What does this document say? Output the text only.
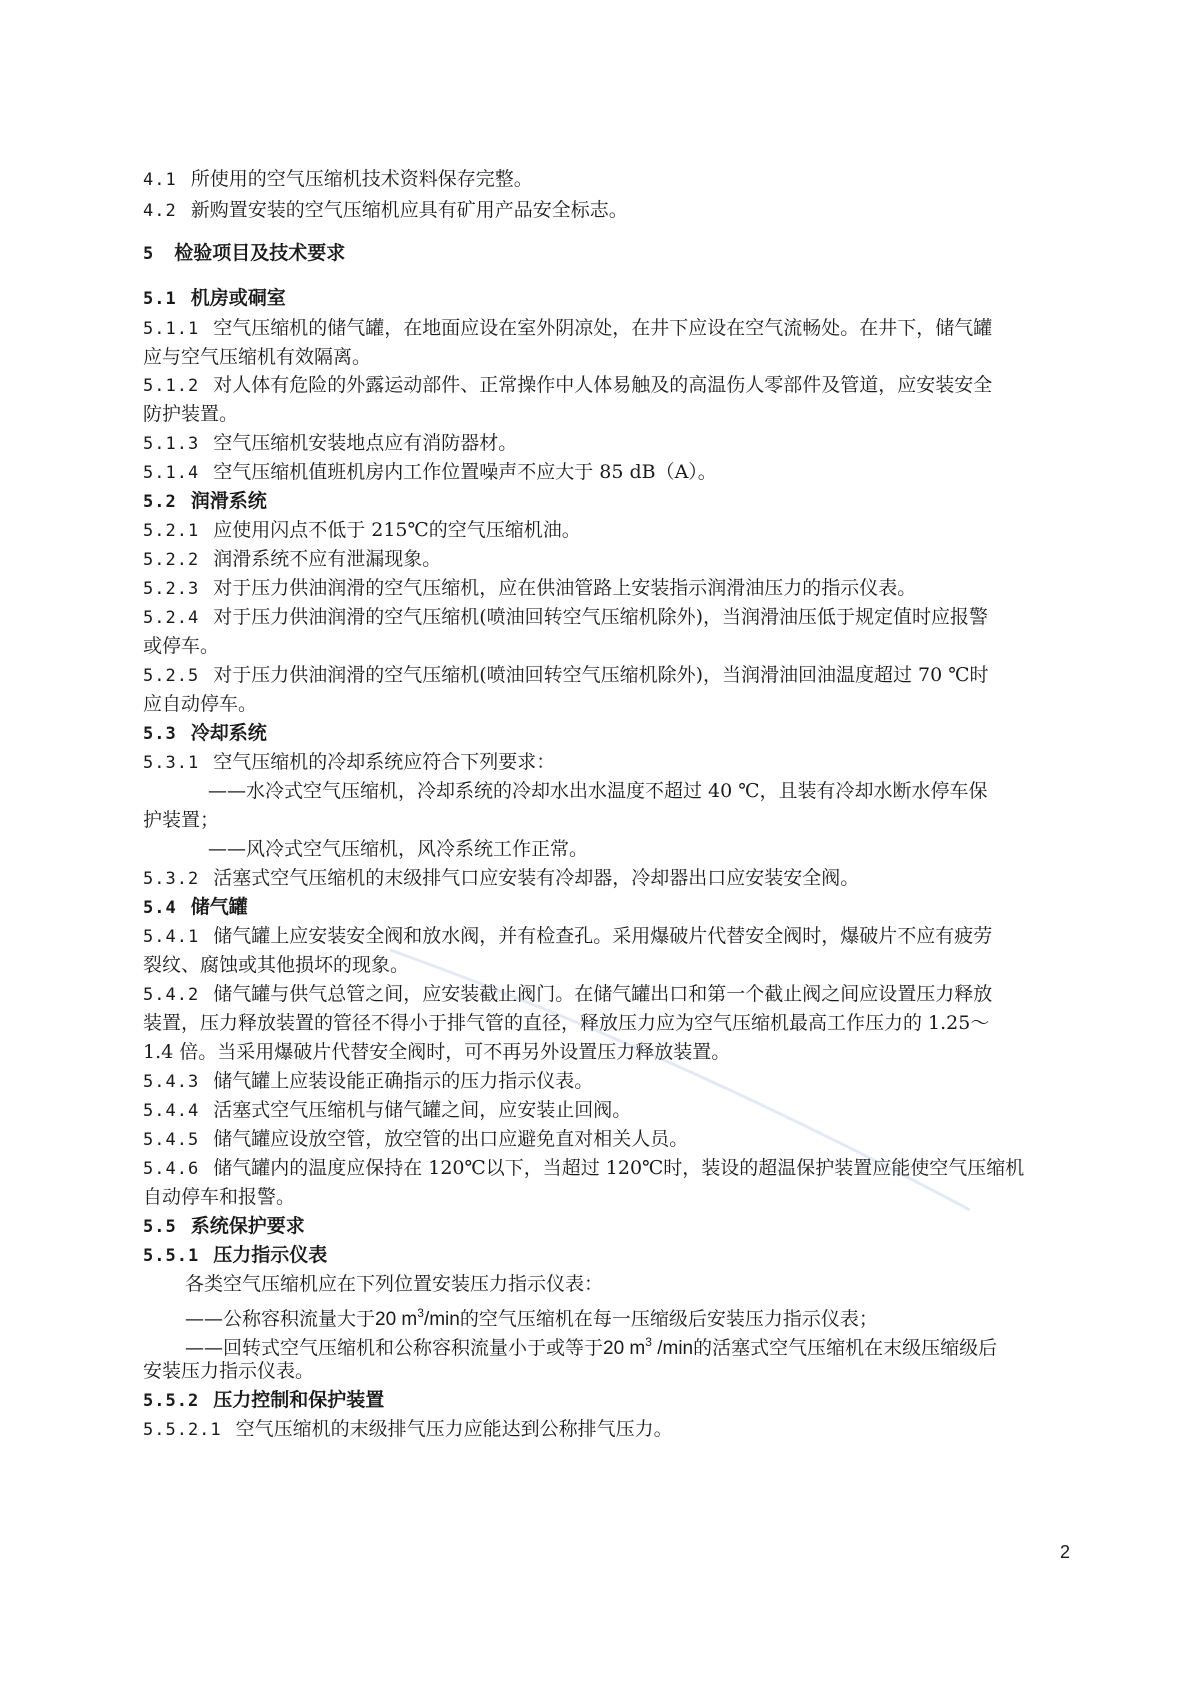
4.1 所使用的空气压缩机技术资料保存完整。
4.2 新购置安装的空气压缩机应具有矿用产品安全标志。
5 检验项目及技术要求
5.1 机房或硐室
5.1.1 空气压缩机的储气罐，在地面应设在室外阴凉处，在井下应设在空气流畅处。在井下，储气罐
应与空气压缩机有效隔离。
5.1.2 对人体有危险的外露运动部件、正常操作中人体易触及的高温伤人零部件及管道，应安装安全
防护装置。
5.1.3 空气压缩机安装地点应有消防器材。
5.1.4 空气压缩机值班机房内工作位置噪声不应大于 85 dB（A）。
5.2 润滑系统
5.2.1 应使用闪点不低于 215℃的空气压缩机油。
5.2.2 润滑系统不应有泄漏现象。
5.2.3 对于压力供油润滑的空气压缩机，应在供油管路上安装指示润滑油压力的指示仪表。
5.2.4 对于压力供油润滑的空气压缩机(喷油回转空气压缩机除外)，当润滑油压低于规定值时应报警
或停车。
5.2.5 对于压力供油润滑的空气压缩机(喷油回转空气压缩机除外)，当润滑油回油温度超过 70 ℃时
应自动停车。
5.3 冷却系统
5.3.1 空气压缩机的冷却系统应符合下列要求：
——水冷式空气压缩机，冷却系统的冷却水出水温度不超过 40 ℃，且装有冷却水断水停车保
护装置；
——风冷式空气压缩机，风冷系统工作正常。
5.3.2 活塞式空气压缩机的末级排气口应安装有冷却器，冷却器出口应安装安全阀。
5.4 储气罐
5.4.1 储气罐上应安装安全阀和放水阀，并有检查孔。采用爆破片代替安全阀时，爆破片不应有疲劳
裂纹、腐蚀或其他损坏的现象。
5.4.2 储气罐与供气总管之间，应安装截止阀门。在储气罐出口和第一个截止阀之间应设置压力释放
装置，压力释放装置的管径不得小于排气管的直径，释放压力应为空气压缩机最高工作压力的 1.25～
1.4 倍。当采用爆破片代替安全阀时，可不再另外设置压力释放装置。
5.4.3 储气罐上应装设能正确指示的压力指示仪表。
5.4.4 活塞式空气压缩机与储气罐之间，应安装止回阀。
5.4.5 储气罐应设放空管，放空管的出口应避免直对相关人员。
5.4.6 储气罐内的温度应保持在 120℃以下，当超过 120℃时，装设的超温保护装置应能使空气压缩机
自动停车和报警。
5.5 系统保护要求
5.5.1 压力指示仪表
各类空气压缩机应在下列位置安装压力指示仪表：
——公称容积流量大于20 $m^3/\min$的空气压缩机在每一压缩级后安装压力指示仪表；
——回转式空气压缩机和公称容积流量小于或等于20 $m^3$ /min的活塞式空气压缩机在末级压缩级后
安装压力指示仪表。
5.5.2 压力控制和保护装置
5.5.2.1 空气压缩机的末级排气压力应能达到公称排气压力。
2
